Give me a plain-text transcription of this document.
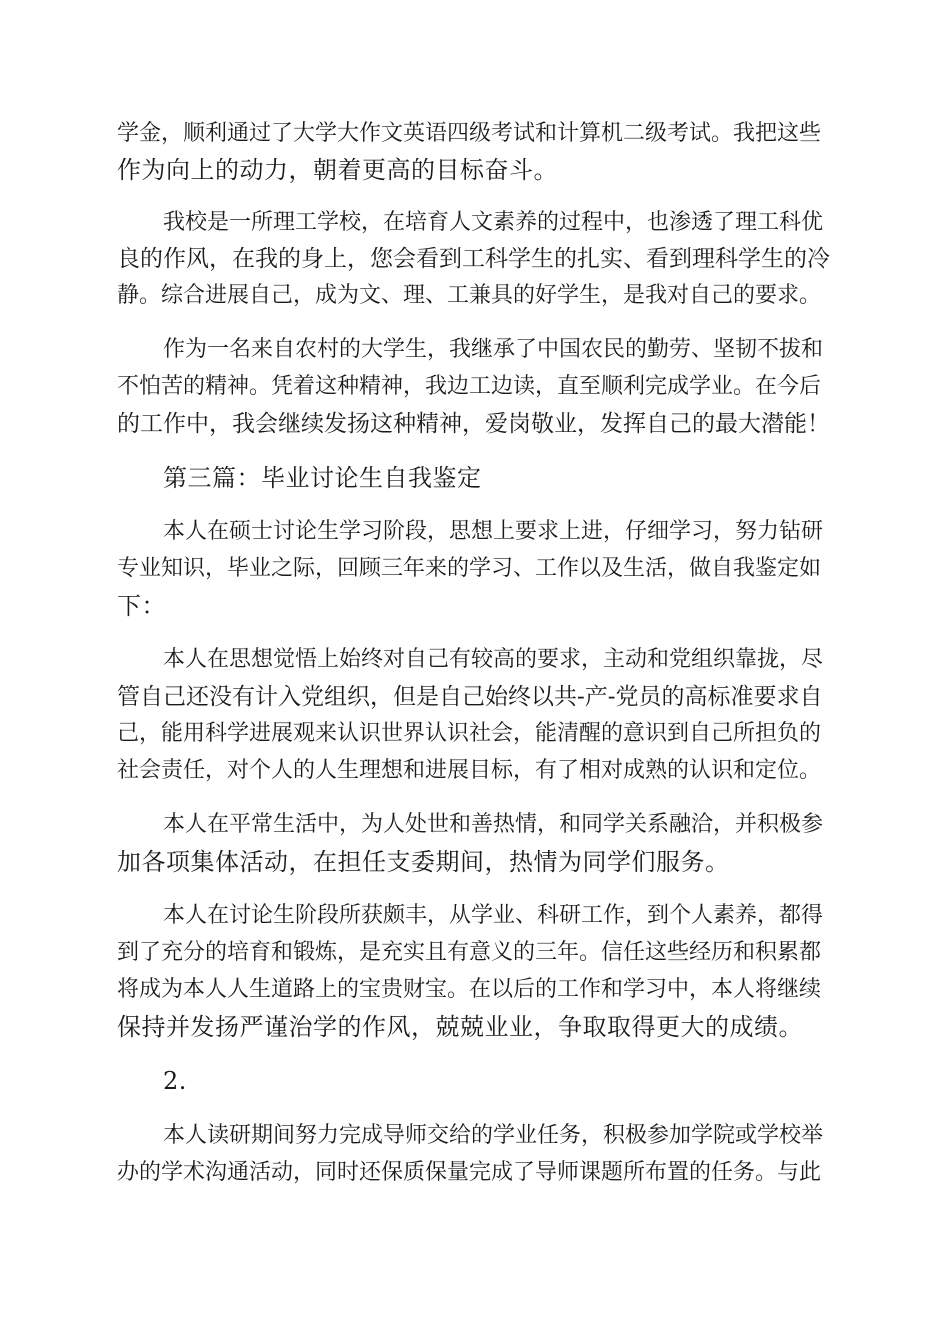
学金，顺利通过了大学大作文英语四级考试和计算机二级考试。我把这些

作为向上的动力，朝着更高的目标奋斗。

我校是一所理工学校，在培育人文素养的过程中，也渗透了理工科优

良的作风，在我的身上，您会看到工科学生的扎实、看到理科学生的冷

静。综合进展自己，成为文、理、工兼具的好学生，是我对自己的要求。

作为一名来自农村的大学生，我继承了中国农民的勤劳、坚韧不拔和

不怕苦的精神。凭着这种精神，我边工边读，直至顺利完成学业。在今后

的工作中，我会继续发扬这种精神，爱岗敬业，发挥自己的最大潜能！

第三篇：毕业讨论生自我鉴定

本人在硕士讨论生学习阶段，思想上要求上进，仔细学习，努力钻研

专业知识，毕业之际，回顾三年来的学习、工作以及生活，做自我鉴定如

下：

本人在思想觉悟上始终对自己有较高的要求，主动和党组织靠拢，尽

管自己还没有计入党组织，但是自己始终以共-产-党员的高标准要求自

己，能用科学进展观来认识世界认识社会，能清醒的意识到自己所担负的

社会责任，对个人的人生理想和进展目标，有了相对成熟的认识和定位。

本人在平常生活中，为人处世和善热情，和同学关系融洽，并积极参

加各项集体活动，在担任支委期间，热情为同学们服务。

本人在讨论生阶段所获颇丰，从学业、科研工作，到个人素养，都得

到了充分的培育和锻炼，是充实且有意义的三年。信任这些经历和积累都

将成为本人人生道路上的宝贵财宝。在以后的工作和学习中，本人将继续

保持并发扬严谨治学的作风，兢兢业业，争取取得更大的成绩。

2.

本人读研期间努力完成导师交给的学业任务，积极参加学院或学校举

办的学术沟通活动，同时还保质保量完成了导师课题所布置的任务。与此
